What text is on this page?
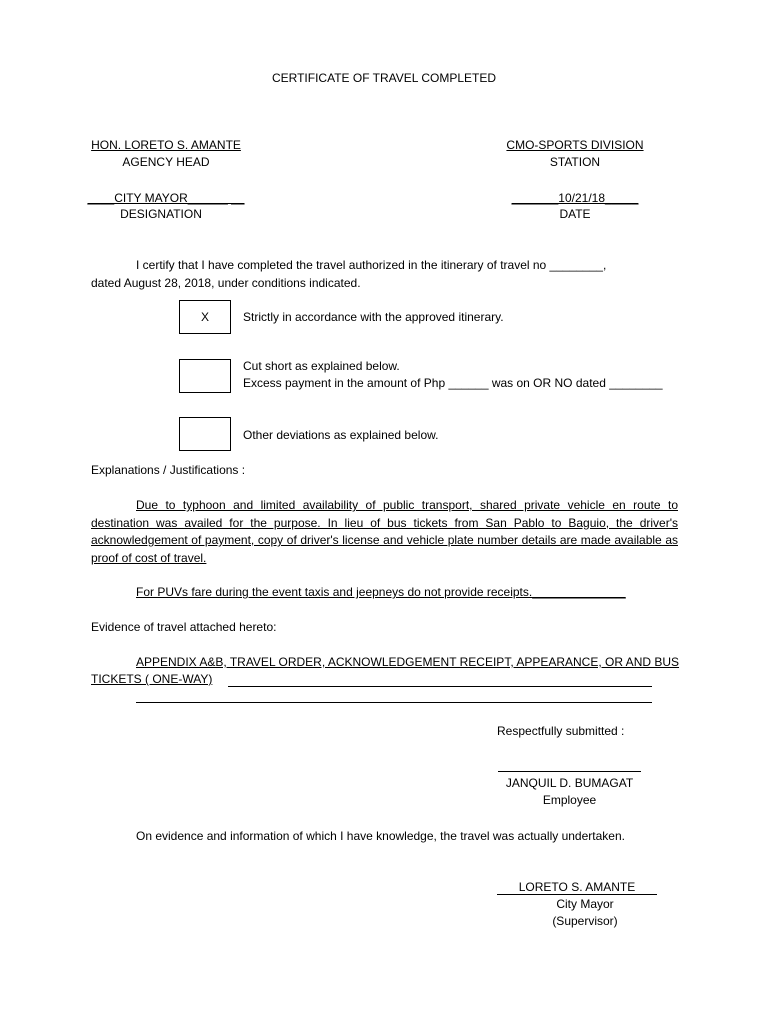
CERTIFICATE OF TRAVEL COMPLETED
HON. LORETO S. AMANTE
AGENCY HEAD
____CITY MAYOR______ __
DESIGNATION
CMO-SPORTS DIVISION
STATION
_______10/21/18_____
DATE
I certify that I have completed the travel authorized in the itinerary of travel no ________,
dated August 28, 2018, under conditions indicated.
X	Strictly in accordance with the approved itinerary.
Cut short as explained below.
Excess payment in the amount of Php ______ was on OR NO dated ________
Other deviations as explained below.
Explanations / Justifications :
Due to typhoon and limited availability of public transport, shared private vehicle en route to destination was availed for the purpose. In lieu of bus tickets from San Pablo to Baguio, the driver's acknowledgement of payment, copy of driver's license and vehicle plate number details are made available as proof of cost of travel.
For PUVs fare during the event taxis and jeepneys do not provide receipts.______________
Evidence of travel attached hereto:
APPENDIX A&B, TRAVEL ORDER, ACKNOWLEDGEMENT RECEIPT, APPEARANCE, OR AND BUS
TICKETS ( ONE-WAY)
Respectfully submitted :
JANQUIL D. BUMAGAT
Employee
On evidence and information of which I have knowledge, the travel was actually undertaken.
LORETO S. AMANTE
City Mayor
(Supervisor)
